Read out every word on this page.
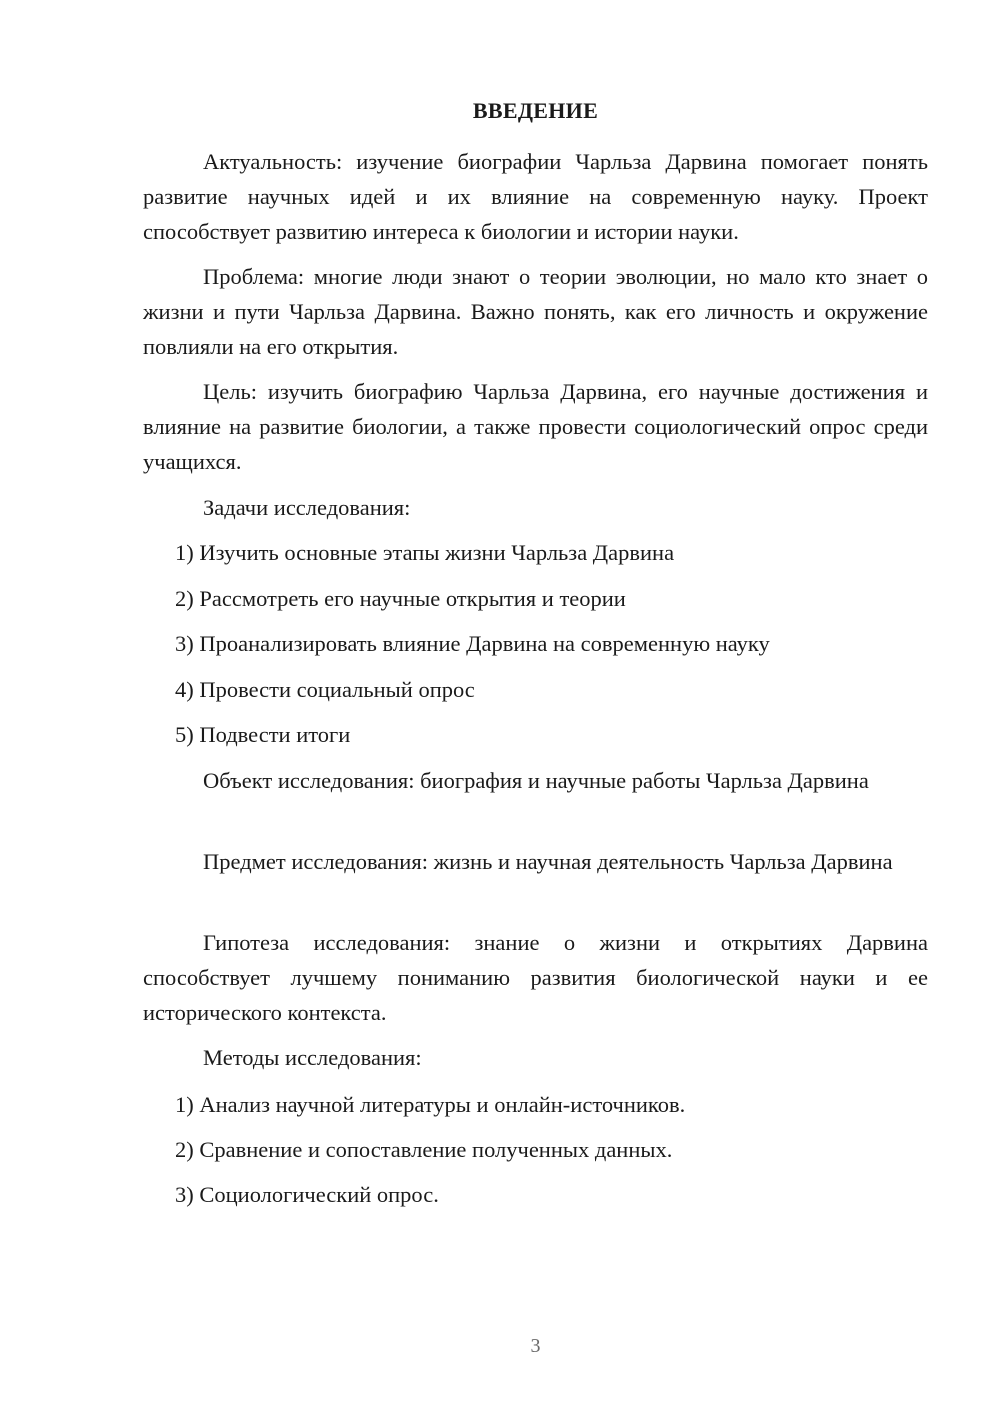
ВВЕДЕНИЕ

Актуальность: изучение биографии Чарльза Дарвина помогает понять развитие научных идей и их влияние на современную науку. Проект способствует развитию интереса к биологии и истории науки.

Проблема: многие люди знают о теории эволюции, но мало кто знает о жизни и пути Чарльза Дарвина. Важно понять, как его личность и окружение повлияли на его открытия.

Цель: изучить биографию Чарльза Дарвина, его научные достижения и влияние на развитие биологии, а также провести социологический опрос среди учащихся.

Задачи исследования:

1) Изучить основные этапы жизни Чарльза Дарвина

2) Рассмотреть его научные открытия и теории

3) Проанализировать влияние Дарвина на современную науку

4) Провести социальный опрос

5) Подвести итоги

Объект исследования: биография и научные работы Чарльза Дарвина

Предмет исследования: жизнь и научная деятельность Чарльза Дарвина

Гипотеза исследования: знание о жизни и открытиях Дарвина способствует лучшему пониманию развития биологической науки и ее исторического контекста.

Методы исследования:

1) Анализ научной литературы и онлайн-источников.

2) Сравнение и сопоставление полученных данных.

3) Социологический опрос.

3
